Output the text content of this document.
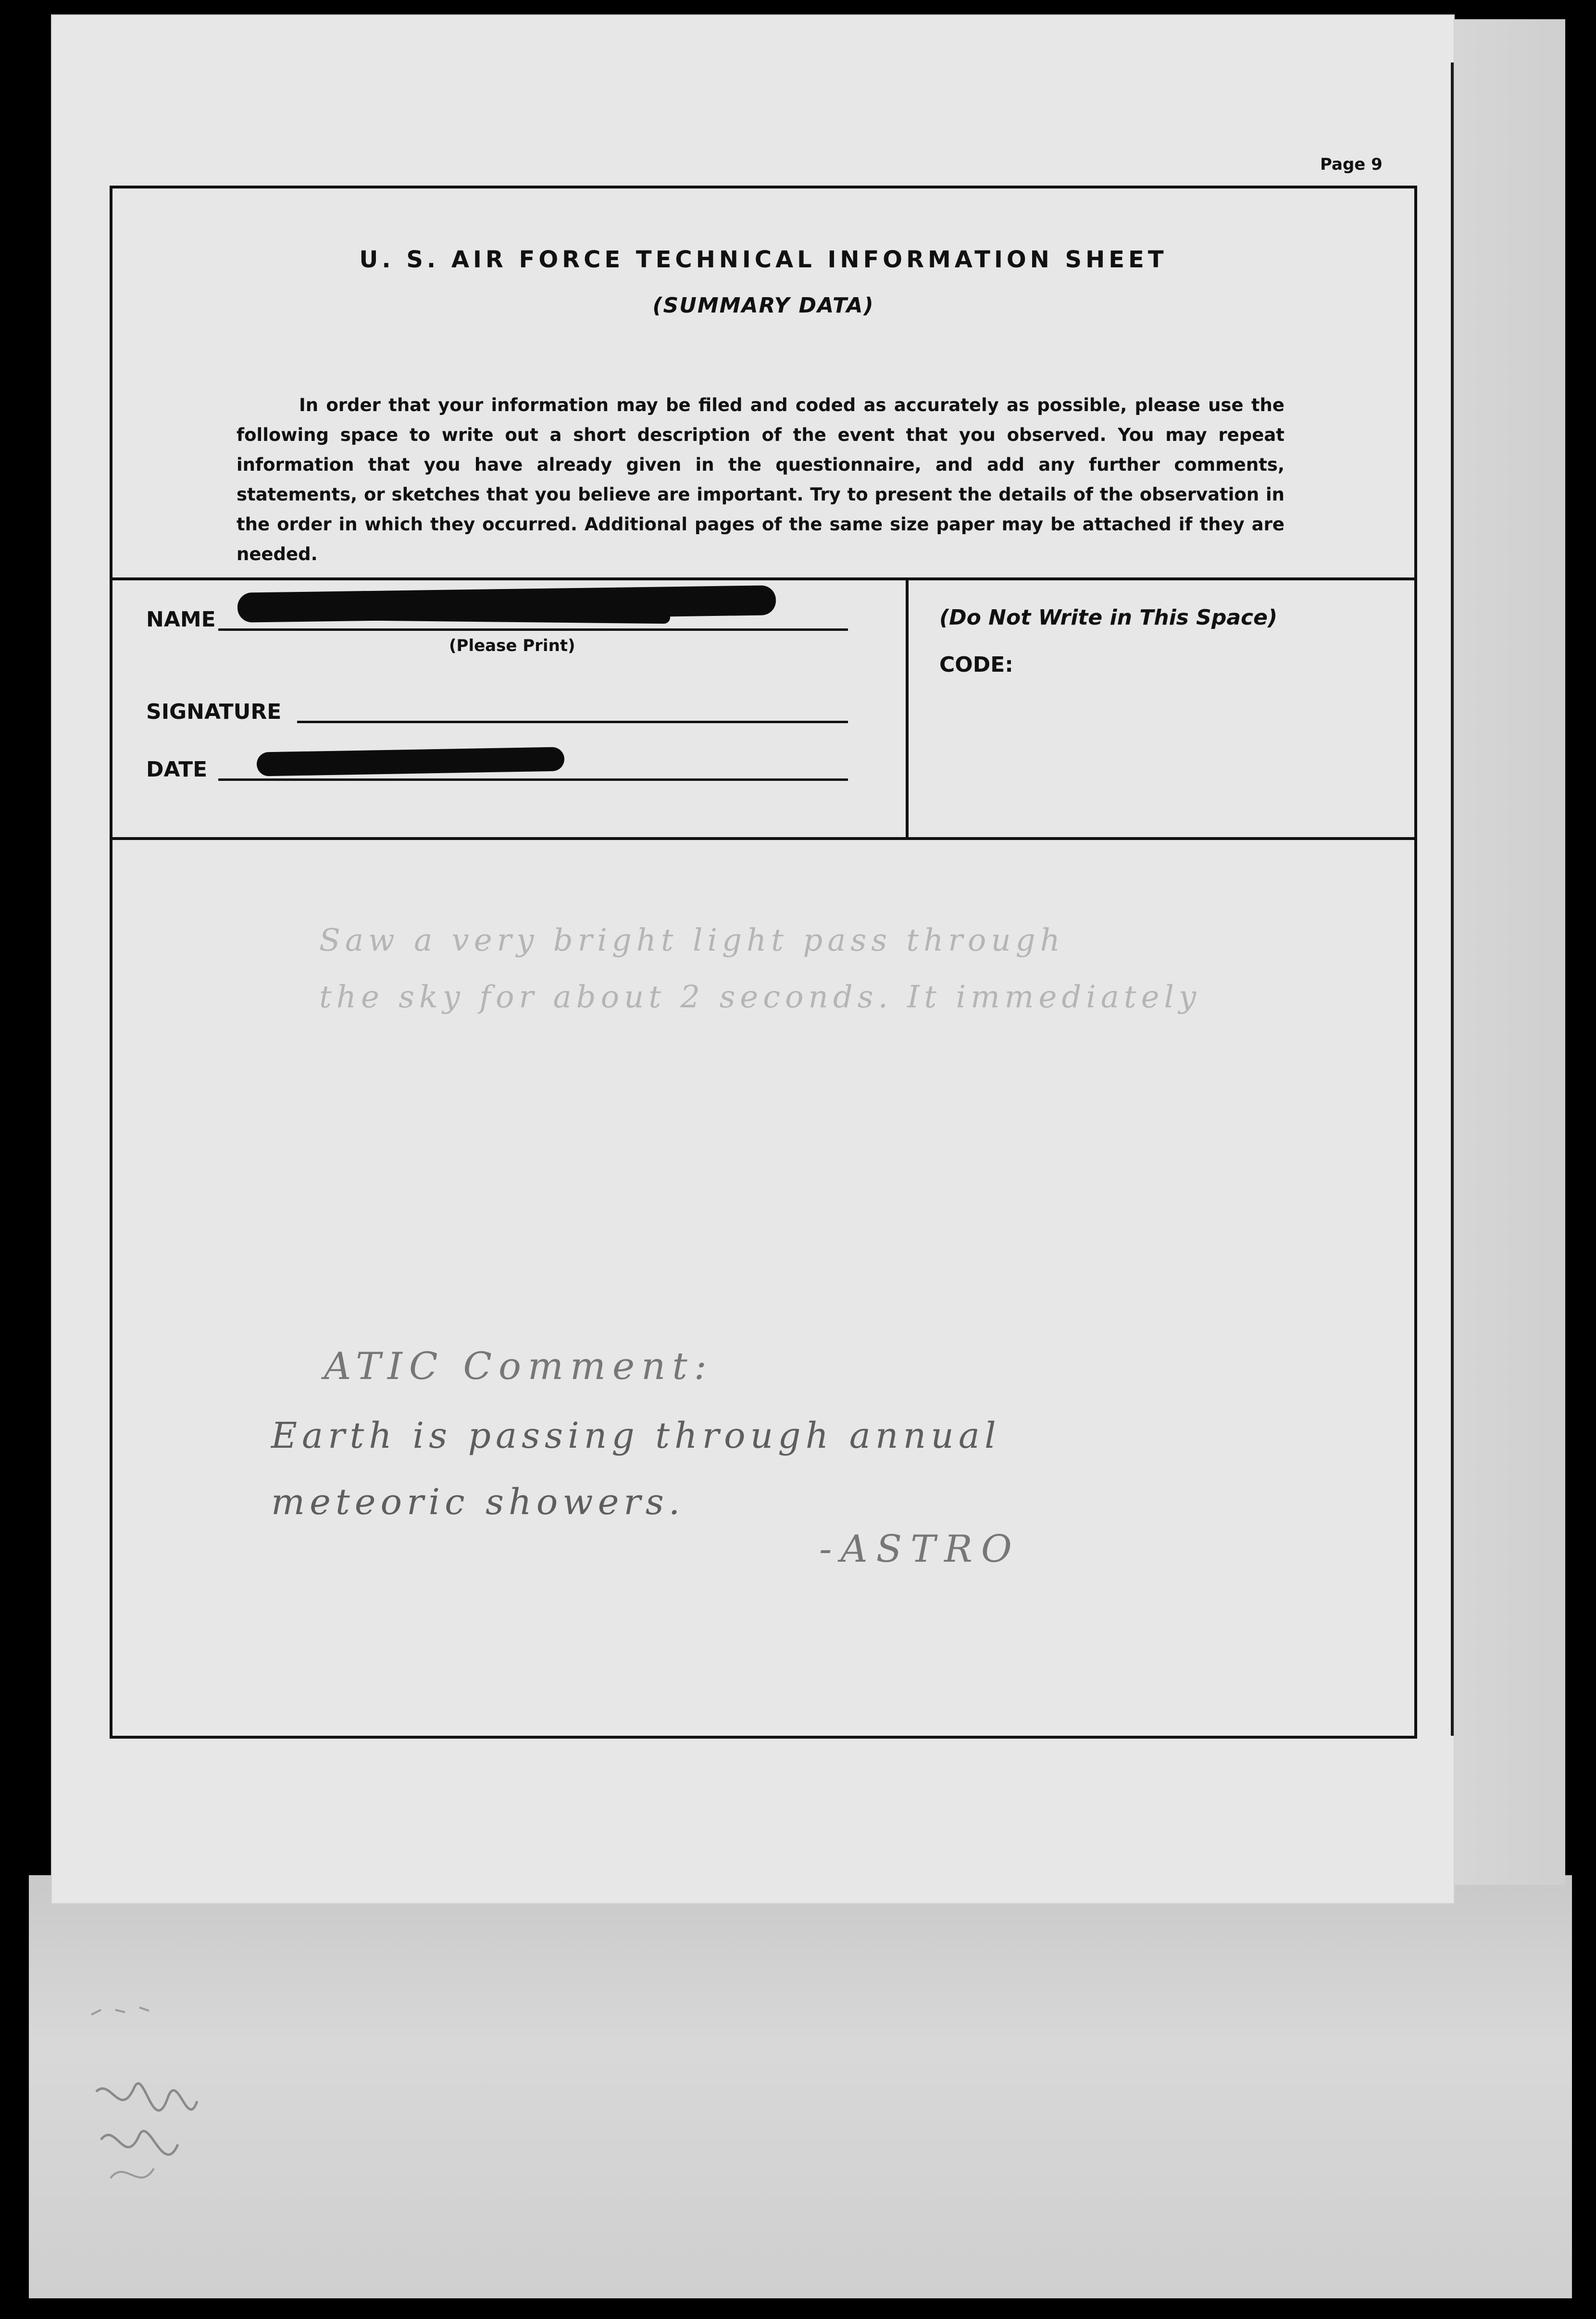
Page 9
U. S. AIR FORCE TECHNICAL INFORMATION SHEET
(SUMMARY DATA)
In order that your information may be filed and coded as accurately as possible, please use the following space to write out a short description of the event that you observed. You may repeat information that you have already given in the questionnaire, and add any further comments, statements, or sketches that you believe are important. Try to present the details of the observation in the order in which they occurred. Additional pages of the same size paper may be attached if they are needed.
NAME
(Please Print)
SIGNATURE
DATE
(Do Not Write in This Space)
CODE:
Saw a very bright light pass through
the sky for about 2 seconds. It immediately
ATIC Comment:
Earth is passing through annual
meteoric showers.
-ASTRO
